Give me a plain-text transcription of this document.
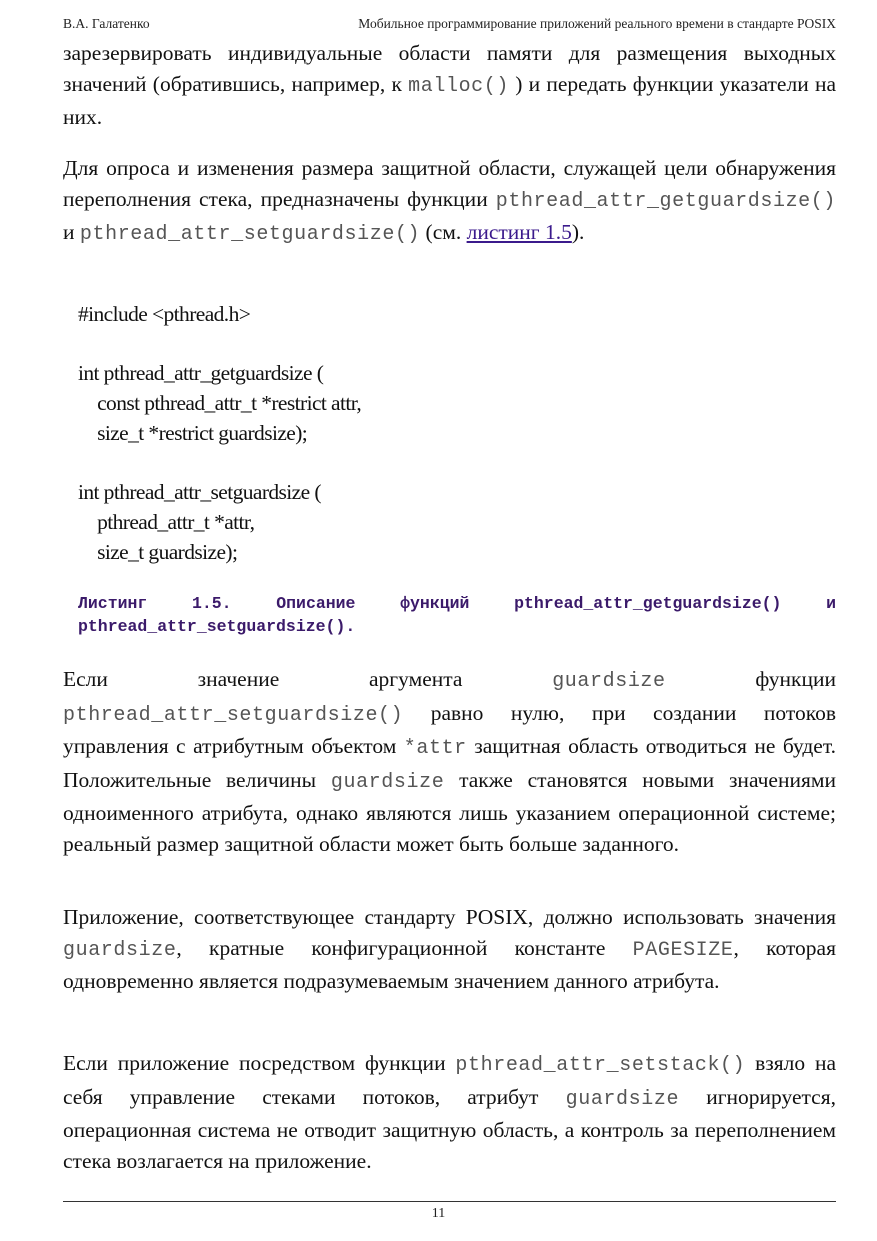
В.А. Галатенко	Мобильное программирование приложений реального времени в стандарте POSIX
зарезервировать индивидуальные области памяти для размещения выходных значений (обратившись, например, к malloc() ) и передать функции указатели на них.
Для опроса и изменения размера защитной области, служащей цели обнаружения переполнения стека, предназначены функции pthread_attr_getguardsize() и pthread_attr_setguardsize() (см. листинг 1.5).
#include <pthread.h>

int pthread_attr_getguardsize (
const pthread_attr_t *restrict attr,
size_t *restrict guardsize);

int pthread_attr_setguardsize (
pthread_attr_t *attr,
size_t guardsize);
Листинг 1.5. Описание функций pthread_attr_getguardsize() и pthread_attr_setguardsize().
Если значение аргумента guardsize функции pthread_attr_setguardsize() равно нулю, при создании потоков управления с атрибутным объектом *attr защитная область отводиться не будет. Положительные величины guardsize также становятся новыми значениями одноименного атрибута, однако являются лишь указанием операционной системе; реальный размер защитной области может быть больше заданного.
Приложение, соответствующее стандарту POSIX, должно использовать значения guardsize, кратные конфигурационной константе PAGESIZE, которая одновременно является подразумеваемым значением данного атрибута.
Если приложение посредством функции pthread_attr_setstack() взяло на себя управление стеками потоков, атрибут guardsize игнорируется, операционная система не отводит защитную область, а контроль за переполнением стека возлагается на приложение.
11
